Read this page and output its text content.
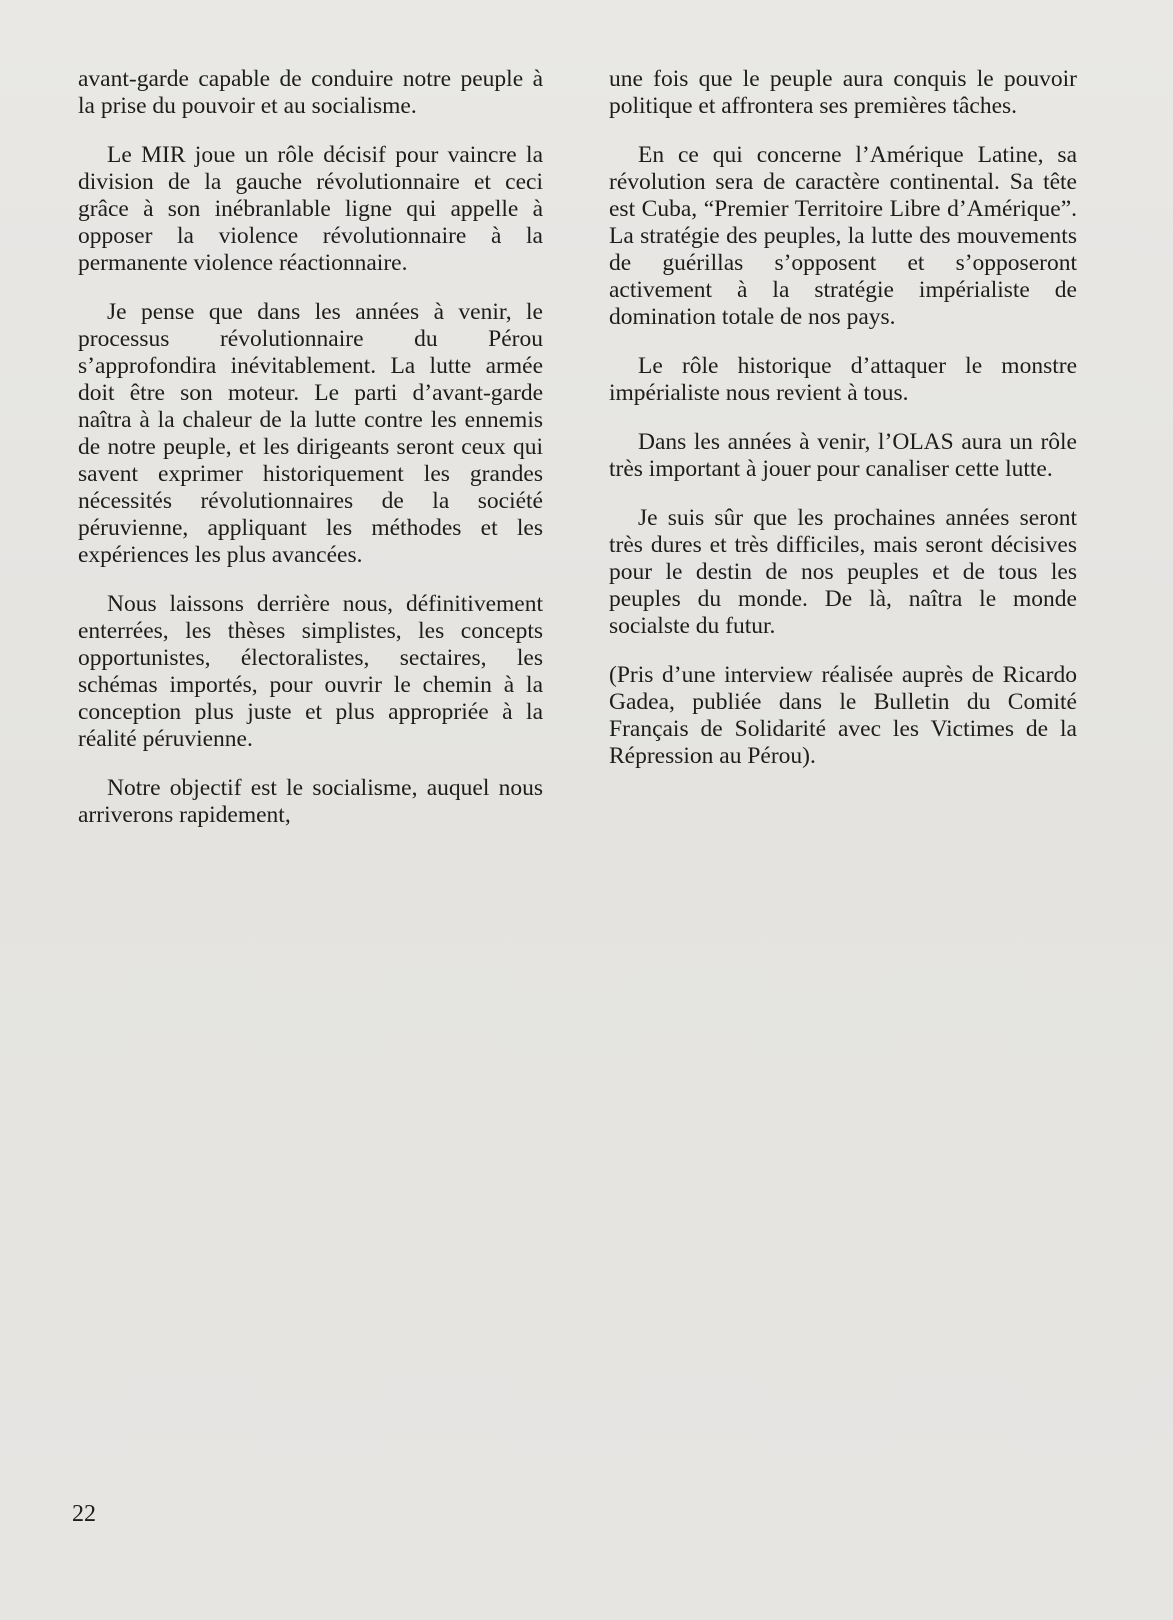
avant-garde capable de conduire notre peuple à la prise du pouvoir et au socialisme.

Le MIR joue un rôle décisif pour vaincre la division de la gauche révolutionnaire et ceci grâce à son inébranlable ligne qui appelle à opposer la violence révolutionnaire à la permanente violence réactionnaire.

Je pense que dans les années à venir, le processus révolutionnaire du Pérou s’approfondira inévitablement. La lutte armée doit être son moteur. Le parti d’avant-garde naîtra à la chaleur de la lutte contre les ennemis de notre peuple, et les dirigeants seront ceux qui savent exprimer historiquement les grandes nécessités révolutionnaires de la société péruvienne, appliquant les méthodes et les expériences les plus avancées.

Nous laissons derrière nous, définitivement enterrées, les thèses simplistes, les concepts opportunistes, électoralistes, sectaires, les schémas importés, pour ouvrir le chemin à la conception plus juste et plus appropriée à la réalité péruvienne.

Notre objectif est le socialisme, auquel nous arriverons rapidement,

une fois que le peuple aura conquis le pouvoir politique et affrontera ses premières tâches.

En ce qui concerne l’Amérique Latine, sa révolution sera de caractère continental. Sa tête est Cuba, “Premier Territoire Libre d’Amérique”. La stratégie des peuples, la lutte des mouvements de guérillas s’opposent et s’opposeront activement à la stratégie impérialiste de domination totale de nos pays.

Le rôle historique d’attaquer le monstre impérialiste nous revient à tous.

Dans les années à venir, l’OLAS aura un rôle très important à jouer pour canaliser cette lutte.

Je suis sûr que les prochaines années seront très dures et très difficiles, mais seront décisives pour le destin de nos peuples et de tous les peuples du monde. De là, naîtra le monde socialste du futur.

(Pris d’une interview réalisée auprès de Ricardo Gadea, publiée dans le Bulletin du Comité Français de Solidarité avec les Victimes de la Répression au Pérou).

22
